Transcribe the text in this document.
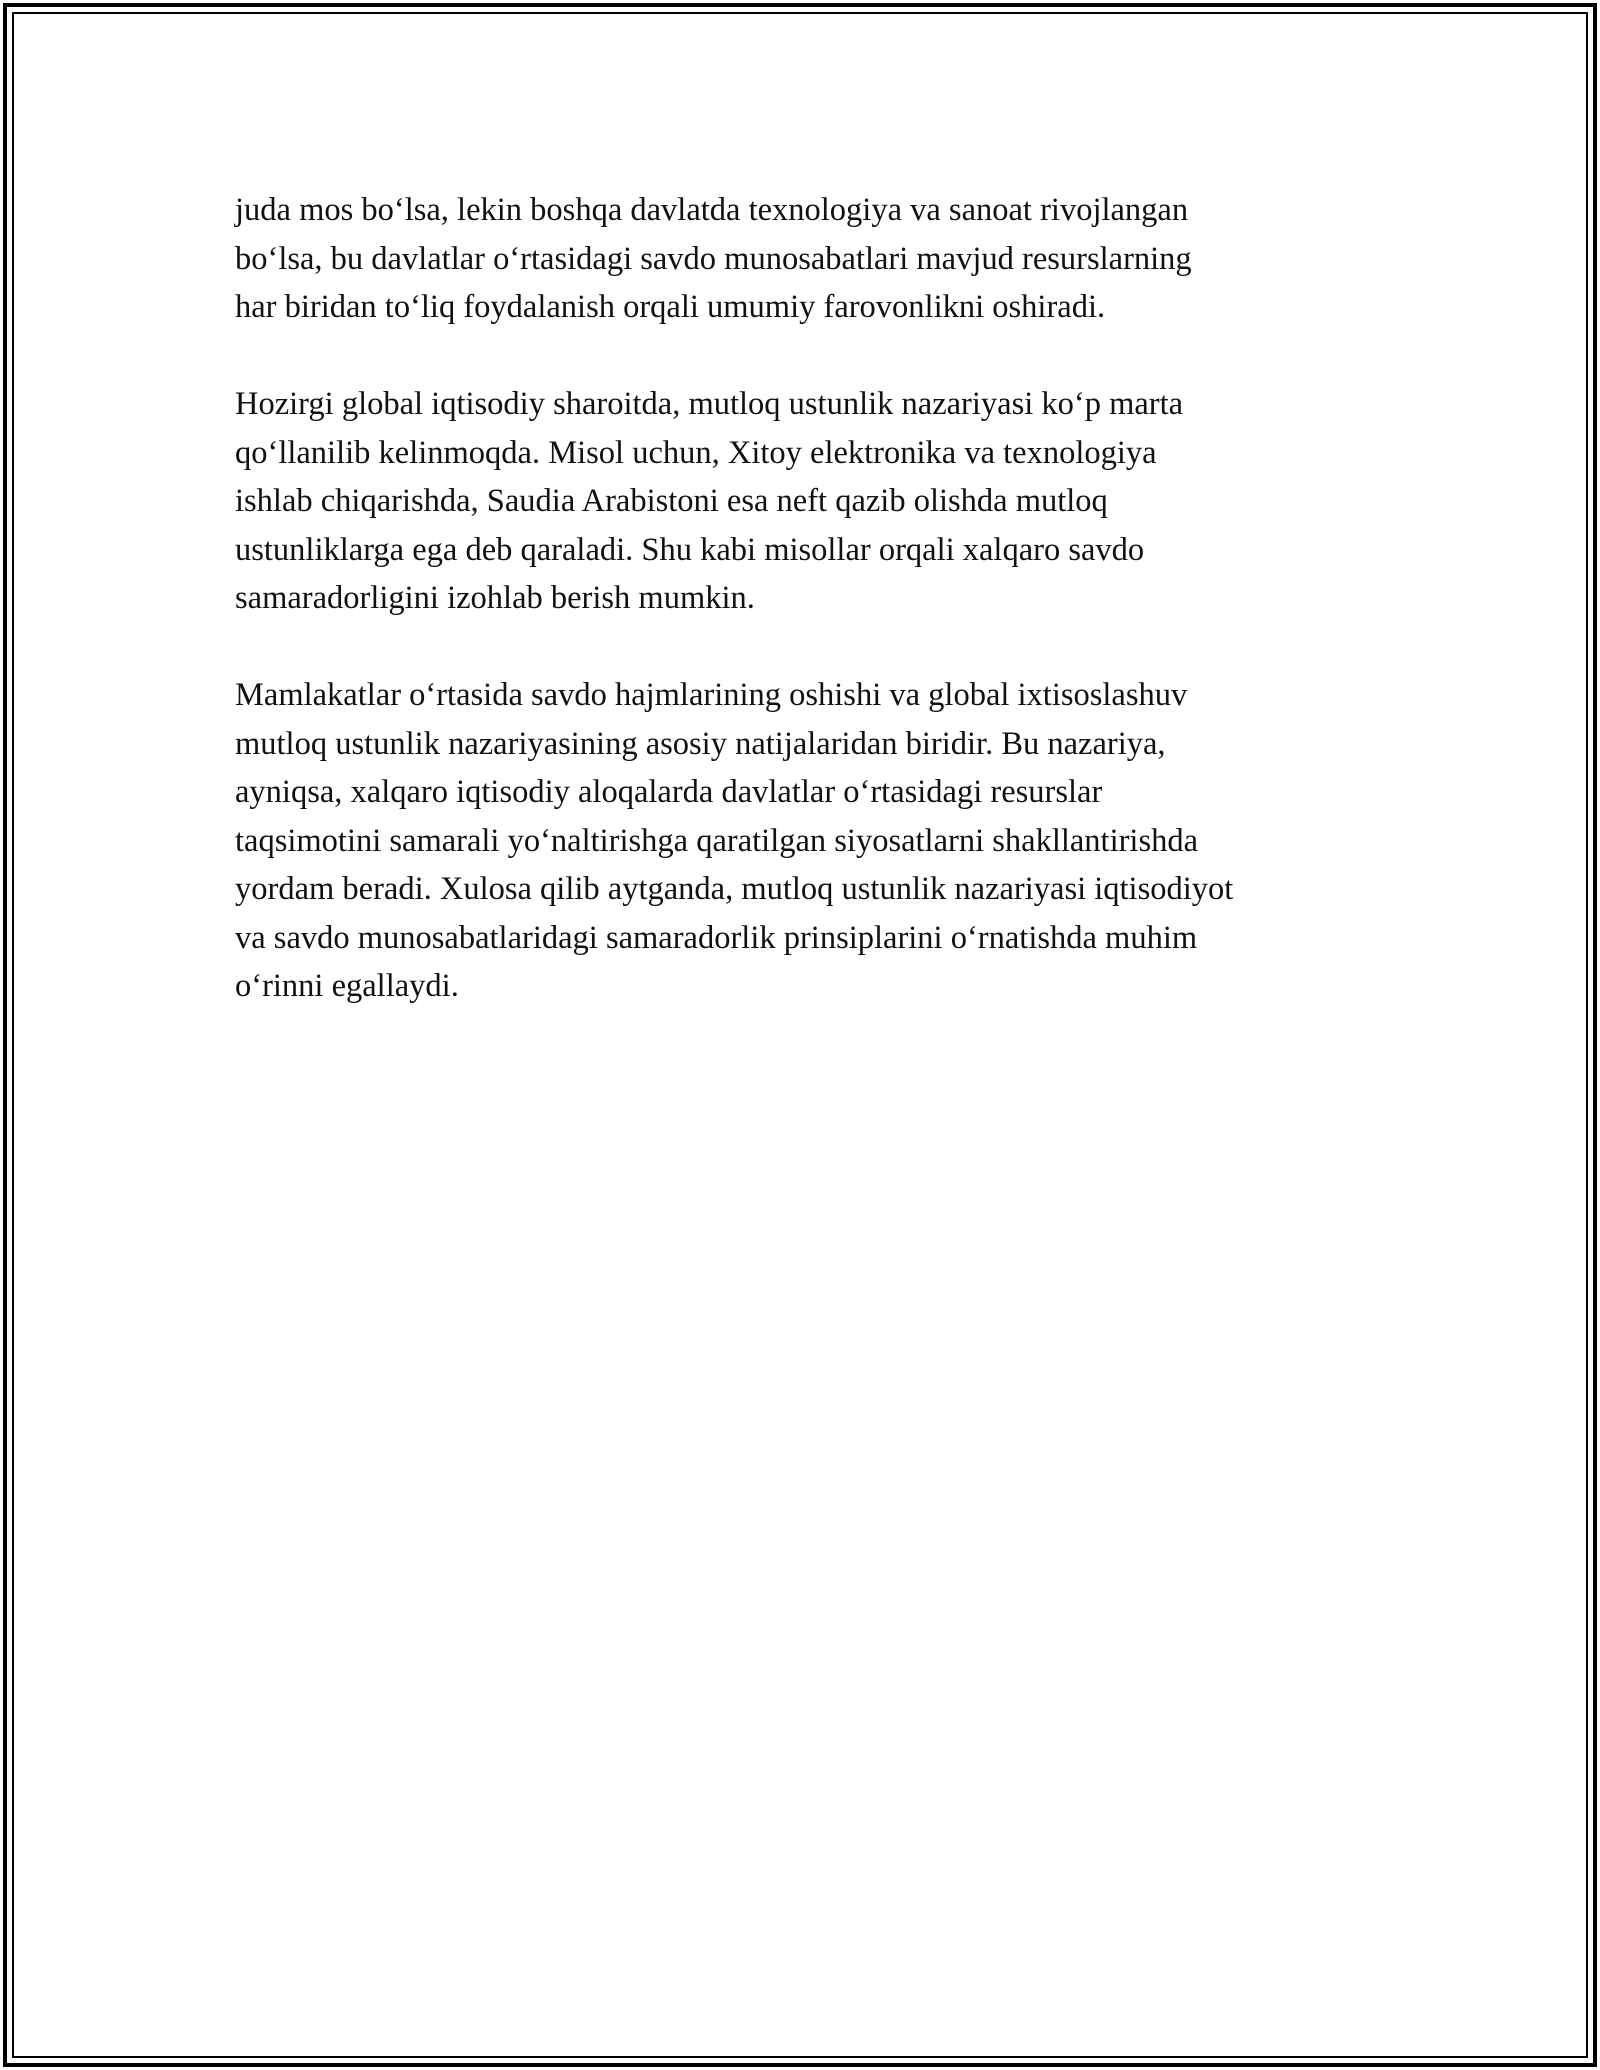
juda mos bo‘lsa, lekin boshqa davlatda texnologiya va sanoat rivojlangan
bo‘lsa, bu davlatlar o‘rtasidagi savdo munosabatlari mavjud resurslarning
har biridan to‘liq foydalanish orqali umumiy farovonlikni oshiradi.

Hozirgi global iqtisodiy sharoitda, mutloq ustunlik nazariyasi ko‘p marta
qo‘llanilib kelinmoqda. Misol uchun, Xitoy elektronika va texnologiya
ishlab chiqarishda, Saudia Arabistoni esa neft qazib olishda mutloq
ustunliklarga ega deb qaraladi. Shu kabi misollar orqali xalqaro savdo
samaradorligini izohlab berish mumkin.

Mamlakatlar o‘rtasida savdo hajmlarining oshishi va global ixtisoslashuv
mutloq ustunlik nazariyasining asosiy natijalaridan biridir. Bu nazariya,
ayniqsa, xalqaro iqtisodiy aloqalarda davlatlar o‘rtasidagi resurslar
taqsimotini samarali yo‘naltirishga qaratilgan siyosatlarni shakllantirishda
yordam beradi. Xulosa qilib aytganda, mutloq ustunlik nazariyasi iqtisodiyot
va savdo munosabatlaridagi samaradorlik prinsiplarini o‘rnatishda muhim
o‘rinni egallaydi.
